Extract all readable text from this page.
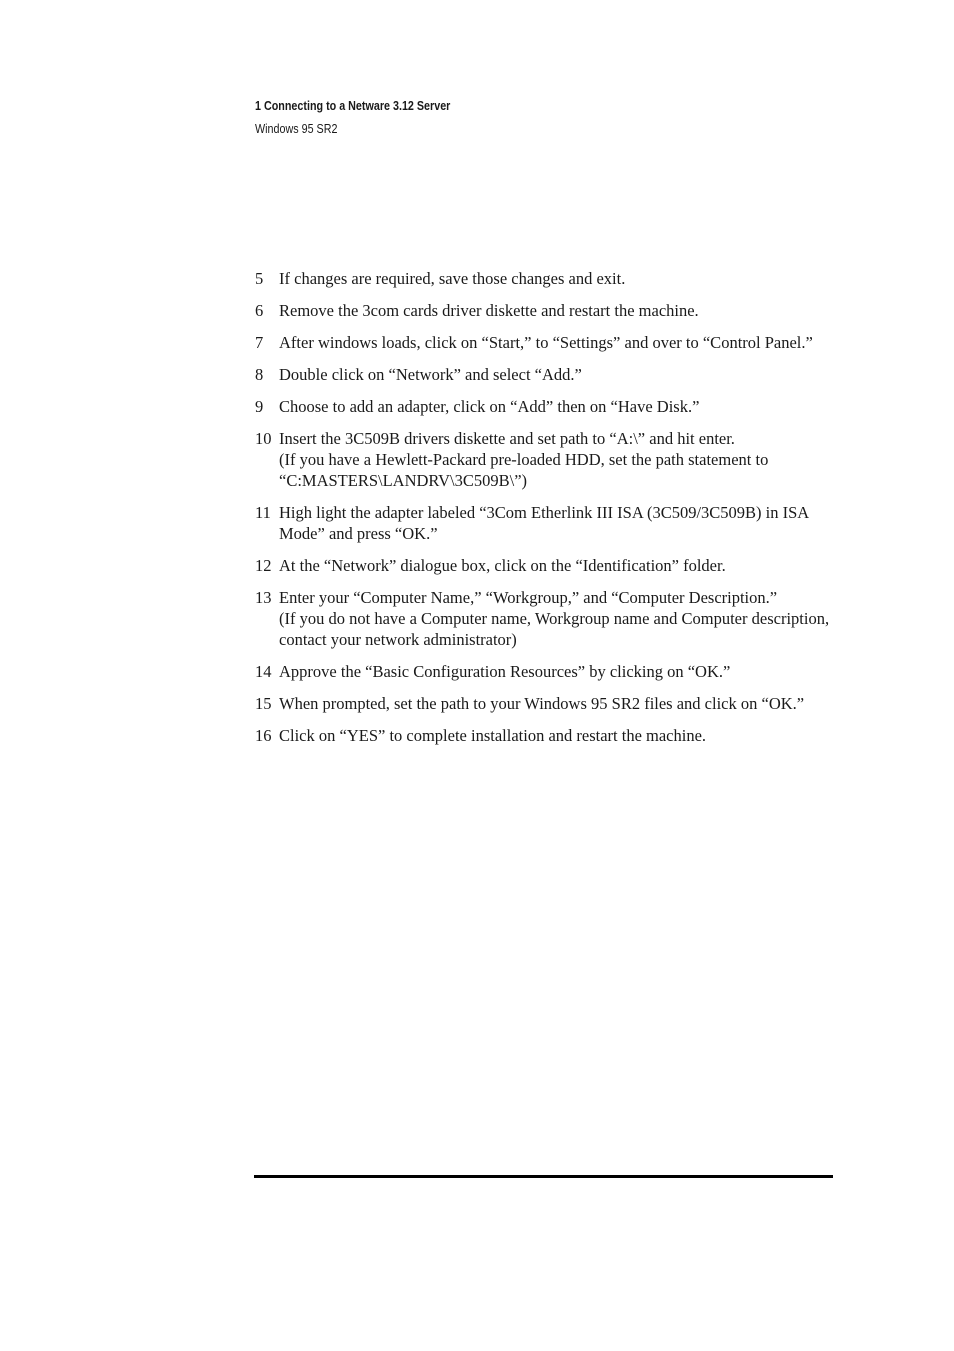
1 Connecting to a Netware 3.12 Server
Windows 95 SR2
5 If changes are required, save those changes and exit.
6 Remove the 3com cards driver diskette and restart the machine.
7 After windows loads, click on “Start,” to “Settings” and over to “Control Panel.”
8 Double click on “Network” and select “Add.”
9 Choose to add an adapter, click on “Add” then on “Have Disk.”
10 Insert the 3C509B drivers diskette and set path to “A:\” and hit enter.
(If you have a Hewlett-Packard pre-loaded HDD, set the path statement to “C:MASTERS\LANDRV\3C509B\”)
11 High light the adapter labeled “3Com Etherlink III ISA (3C509/3C509B) in ISA Mode” and press “OK.”
12 At the “Network” dialogue box, click on the “Identification” folder.
13 Enter your “Computer Name,” “Workgroup,” and “Computer Description.”
(If you do not have a Computer name, Workgroup name and Computer description, contact your network administrator)
14 Approve the “Basic Configuration Resources” by clicking on “OK.”
15 When prompted, set the path to your Windows 95 SR2 files and click on “OK.”
16 Click on “YES” to complete installation and restart the machine.
